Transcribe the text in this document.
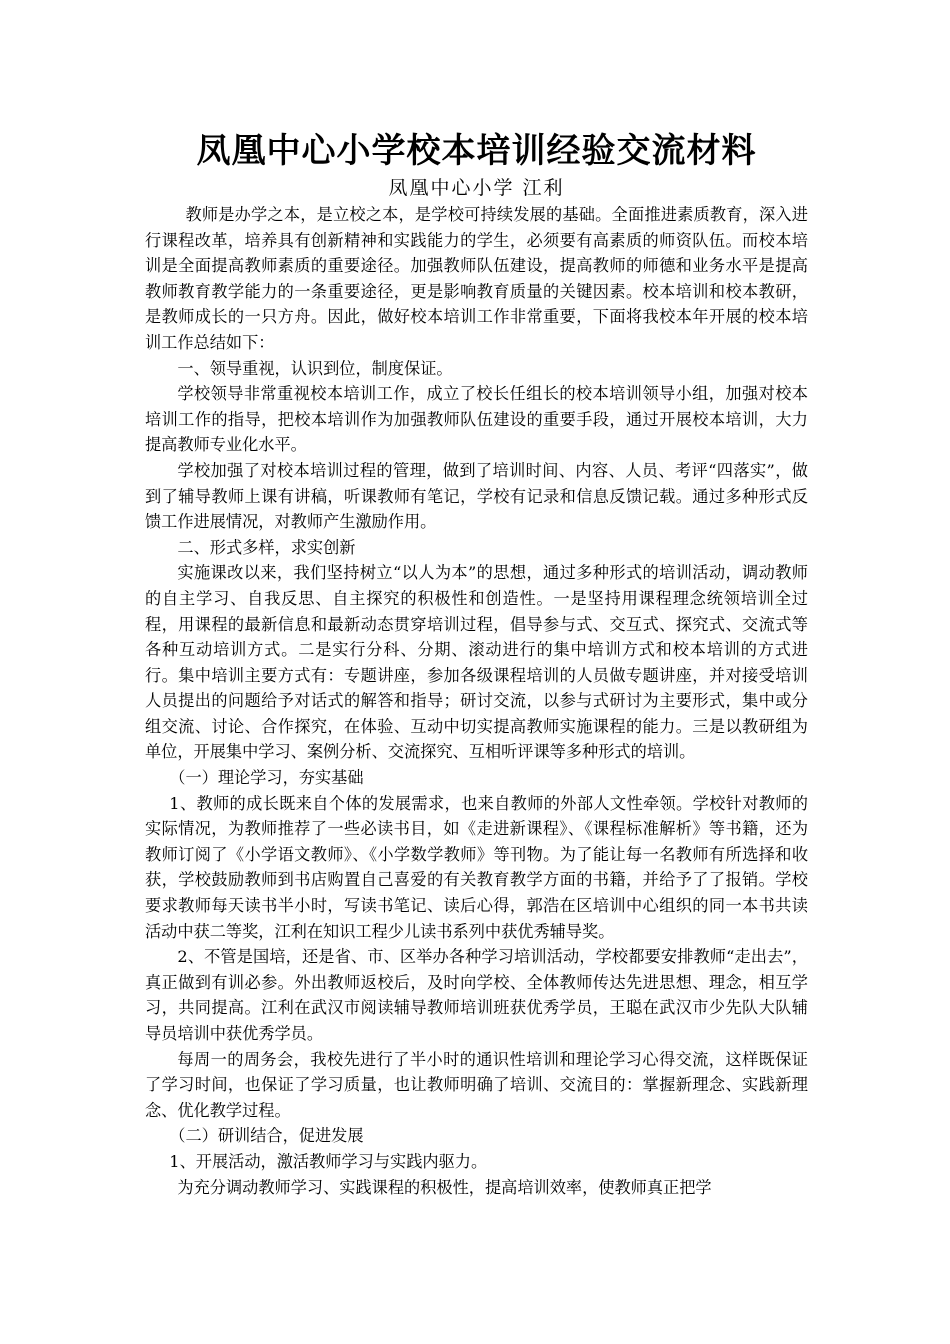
凤凰中心小学校本培训经验交流材料

凤凰中心小学 江利

教师是办学之本，是立校之本，是学校可持续发展的基础。全面推进素质教育，深入进行课程改革，培养具有创新精神和实践能力的学生，必须要有高素质的师资队伍。而校本培训是全面提高教师素质的重要途径。加强教师队伍建设，提高教师的师德和业务水平是提高教师教育教学能力的一条重要途径，更是影响教育质量的关键因素。校本培训和校本教研，是教师成长的一只方舟。因此，做好校本培训工作非常重要，下面将我校本年开展的校本培训工作总结如下：

一、领导重视，认识到位，制度保证。

学校领导非常重视校本培训工作，成立了校长任组长的校本培训领导小组，加强对校本培训工作的指导，把校本培训作为加强教师队伍建设的重要手段，通过开展校本培训，大力提高教师专业化水平。

学校加强了对校本培训过程的管理，做到了培训时间、内容、人员、考评“四落实”，做到了辅导教师上课有讲稿，听课教师有笔记，学校有记录和信息反馈记载。通过多种形式反馈工作进展情况，对教师产生激励作用。

二、形式多样，求实创新

实施课改以来，我们坚持树立“以人为本”的思想，通过多种形式的培训活动，调动教师的自主学习、自我反思、自主探究的积极性和创造性。一是坚持用课程理念统领培训全过程，用课程的最新信息和最新动态贯穿培训过程，倡导参与式、交互式、探究式、交流式等各种互动培训方式。二是实行分科、分期、滚动进行的集中培训方式和校本培训的方式进行。集中培训主要方式有：专题讲座，参加各级课程培训的人员做专题讲座，并对接受培训人员提出的问题给予对话式的解答和指导；研讨交流，以参与式研讨为主要形式，集中或分组交流、讨论、合作探究，在体验、互动中切实提高教师实施课程的能力。三是以教研组为单位，开展集中学习、案例分析、交流探究、互相听评课等多种形式的培训。

（一）理论学习，夯实基础

1、教师的成长既来自个体的发展需求，也来自教师的外部人文性牵领。学校针对教师的实际情况，为教师推荐了一些必读书目，如《走进新课程》、《课程标准解析》等书籍，还为教师订阅了《小学语文教师》、《小学数学教师》等刊物。为了能让每一名教师有所选择和收获，学校鼓励教师到书店购置自己喜爱的有关教育教学方面的书籍，并给予了了报销。学校要求教师每天读书半小时，写读书笔记、读后心得，郭浩在区培训中心组织的同一本书共读活动中获二等奖，江利在知识工程少儿读书系列中获优秀辅导奖。

2、不管是国培，还是省、市、区举办各种学习培训活动，学校都要安排教师“走出去”，真正做到有训必参。外出教师返校后，及时向学校、全体教师传达先进思想、理念，相互学习，共同提高。江利在武汉市阅读辅导教师培训班获优秀学员，王聪在武汉市少先队大队辅导员培训中获优秀学员。

每周一的周务会，我校先进行了半小时的通识性培训和理论学习心得交流，这样既保证了学习时间，也保证了学习质量，也让教师明确了培训、交流目的：掌握新理念、实践新理念、优化教学过程。

（二）研训结合，促进发展

1、开展活动，激活教师学习与实践内驱力。

为充分调动教师学习、实践课程的积极性，提高培训效率，使教师真正把学
